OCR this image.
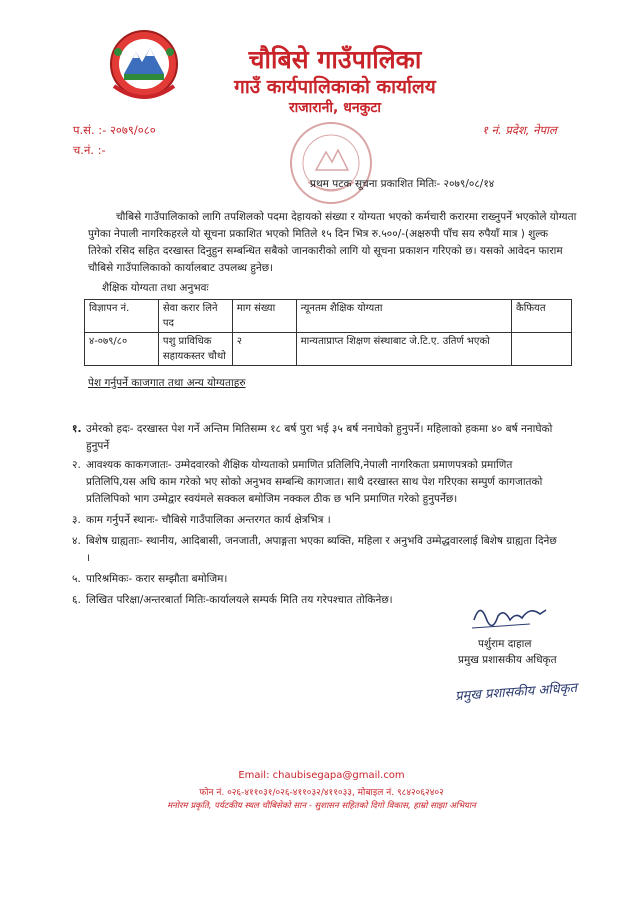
चौबिसे गाउँपालिका
गाउँ कार्यपालिकाको कार्यालय
राजारानी, धनकुटा
प.सं. :- २०७९/०८०
च.नं. :-
१ नं. प्रदेश, नेपाल
प्रथम पटक सूचना प्रकाशित मितिः- २०७९/०८/१४
चौबिसे गाउँपालिकाको लागि तपशिलको पदमा देहायको संख्या र योग्यता भएको कर्मचारी करारमा राख्नुपर्ने भएकोले योग्यता
पुगेका नेपाली नागरिकहरले यो सूचना प्रकाशित भएको मितिले १५ दिन भित्र रु.५००/-(अक्षरुपी पाँच सय रुपैयाँ मात्र ) शुल्क
तिरेको रसिद सहित दरखास्त दिनुहुन सम्बन्धित सबैको जानकारीको लागि यो सूचना प्रकाशन गरिएको छ। यसको आवेदन फाराम
चौबिसे गाउँपालिकाको कार्यालबाट उपलब्ध हुनेछ।
शैक्षिक योग्यता तथा अनुभवः
विज्ञापन नं.	सेवा करार लिने पद	माग संख्या	न्यूनतम शैक्षिक योग्यता	कैफियत
४-०७९/८०	पशु प्राविधिक सहायकस्तर चौथो	२	मान्यताप्राप्त शिक्षण संस्थाबाट जे.टि.ए. उतिर्ण भएको	
पेश गर्नुपर्ने काजगात तथा अन्य योग्यताहरु
१. उमेरको हदः- दरखास्त पेश गर्ने अन्तिम मितिसम्म १८ बर्ष पुरा भई ३५ बर्ष ननाघेको हुनुपर्ने। महिलाको हकमा ४० बर्ष ननाघेको
हुनुपर्ने
२. आवश्यक काकगजातः- उम्मेदवारको शैक्षिक योग्यताको प्रमाणित प्रतिलिपि,नेपाली नागरिकता प्रमाणपत्रको प्रमाणित
प्रतिलिपि,यस अघि काम गरेको भए सोको अनुभव सम्बन्धि कागजात। साथै दरखास्त साथ पेश गरिएका सम्पुर्ण कागजातको
प्रतिलिपिको भाग उम्मेद्वार स्वयंमले सक्कल बमोजिम नक्कल ठीक छ भनि प्रमाणित गरेको हुनुपर्नेछ।
३. काम गर्नुपर्ने स्थानः- चौबिसे गाउँपालिका अन्तरगत कार्य क्षेत्रभित्र ।
४. बिशेष ग्राह्यताः- स्थानीय, आदिबासी, जनजाती, अपाङ्गता भएका ब्यक्ति, महिला र अनुभवि उम्मेद्धवारलाई बिशेष ग्राह्यता दिनेछ
।
५. पारिश्रमिकः- करार सम्झौता बमोजिम।
६. लिखित परिक्षा/अन्तरबार्ता मितिः-कार्यालयले सम्पर्क मिति तय गरेपश्चात तोकिनेछ।
पर्शुराम दाहाल
प्रमुख प्रशासकीय अधिकृत
प्रमुख प्रशासकीय अधिकृत
Email: chaubisegapa@gmail.com
फोन नं. ०२६-४११०३१/०२६-४११०३२/४११०३३, मोबाइल नं. ९८४२०६२४०२
मनोरम प्रकृति, पर्यटकीय स्थल चौबिसेको सान - सुशासन सहितको दिगो विकास, हाम्रो साझा अभियान
